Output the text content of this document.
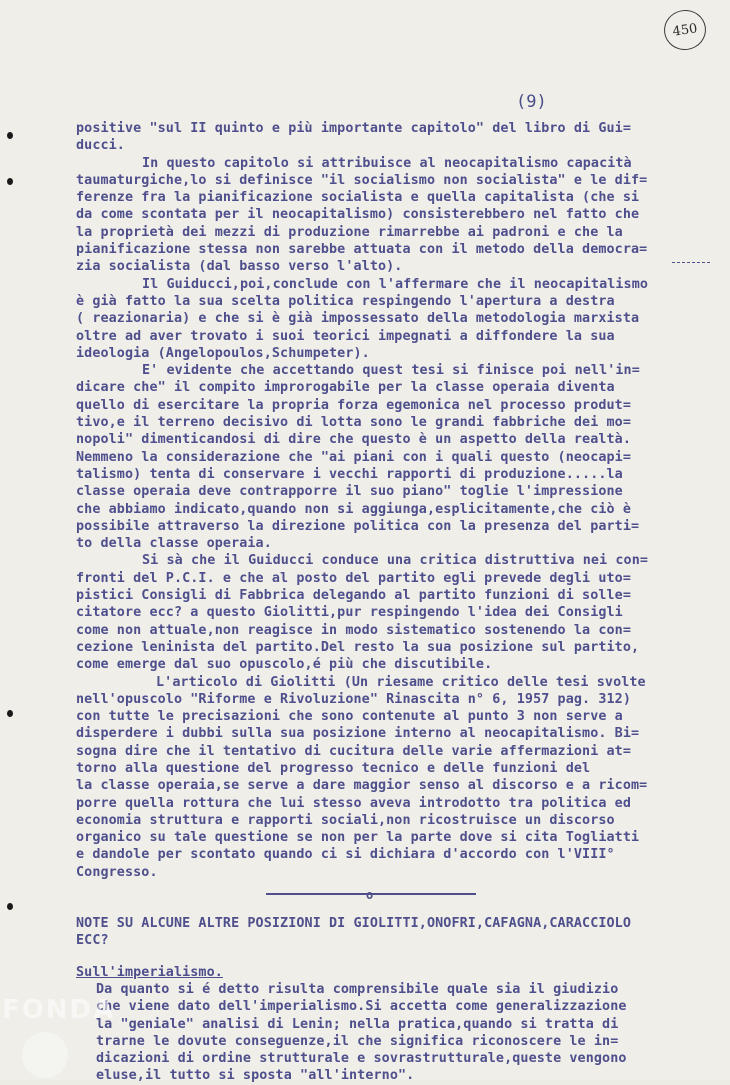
450
(9)
positive "sul II quinto e più importante capitolo" del libro di Gui=
ducci.
In questo capitolo si attribuisce al neocapitalismo capacità
taumaturgiche,lo si definisce "il socialismo non socialista" e le dif=
ferenze fra la pianificazione socialista e quella capitalista (che si
da come scontata per il neocapitalismo) consisterebbero nel fatto che
la proprietà dei mezzi di produzione rimarrebbe ai padroni e che la
pianificazione stessa non sarebbe attuata con il metodo della democra=
zia socialista (dal basso verso l'alto).
Il Guiducci,poi,conclude con l'affermare che il neocapitalismo
è già fatto la sua scelta politica respingendo l'apertura a destra
( reazionaria) e che si è già impossessato della metodologia marxista
oltre ad aver trovato i suoi teorici impegnati a diffondere la sua
ideologia (Angelopoulos,Schumpeter).
E' evidente che accettando quest tesi si finisce poi nell'in=
dicare che" il compito improrogabile per la classe operaia diventa
quello di esercitare la propria forza egemonica nel processo produt=
tivo,e il terreno decisivo di lotta sono le grandi fabbriche dei mo=
nopoli" dimenticandosi di dire che questo è un aspetto della realtà.
Nemmeno la considerazione che "ai piani con i quali questo (neocapi=
talismo) tenta di conservare i vecchi rapporti di produzione.....la
classe operaia deve contrapporre il suo piano" toglie l'impressione
che abbiamo indicato,quando non si aggiunga,esplicitamente,che ciò è
possibile attraverso la direzione politica con la presenza del parti=
to della classe operaia.
Si sà che il Guiducci conduce una critica distruttiva nei con=
fronti del P.C.I. e che al posto del partito egli prevede degli uto=
pistici Consigli di Fabbrica delegando al partito funzioni di solle=
citatore ecc? a questo Giolitti,pur respingendo l'idea dei Consigli
come non attuale,non reagisce in modo sistematico sostenendo la con=
cezione leninista del partito.Del resto la sua posizione sul partito,
come emerge dal suo opuscolo,é più che discutibile.
L'articolo di Giolitti (Un riesame critico delle tesi svolte
nell'opuscolo "Riforme e Rivoluzione" Rinascita n° 6, 1957 pag. 312)
con tutte le precisazioni che sono contenute al punto 3 non serve a
disperdere i dubbi sulla sua posizione interno al neocapitalismo. Bi=
sogna dire che il tentativo di cucitura delle varie affermazioni at=
torno alla questione del progresso tecnico e delle funzioni del
la classe operaia,se serve a dare maggior senso al discorso e a ricom=
porre quella rottura che lui stesso aveva introdotto tra politica ed
economia struttura e rapporti sociali,non ricostruisce un discorso
organico su tale questione se non per la parte dove si cita Togliatti
e dandole per scontato quando ci si dichiara d'accordo con l'VIII°
Congresso.
o
NOTE SU ALCUNE ALTRE POSIZIONI DI GIOLITTI,ONOFRI,CAFAGNA,CARACCIOLO
ECC?
Sull'imperialismo.
Da quanto si é detto risulta comprensibile quale sia il giudizio
che viene dato dell'imperialismo.Si accetta come generalizzazione
la "geniale" analisi di Lenin; nella pratica,quando si tratta di
trarne le dovute conseguenze,il che significa riconoscere le in=
dicazioni di ordine strutturale e sovrastrutturale,queste vengono
eluse,il tutto si sposta "all'interno".
FONDA
